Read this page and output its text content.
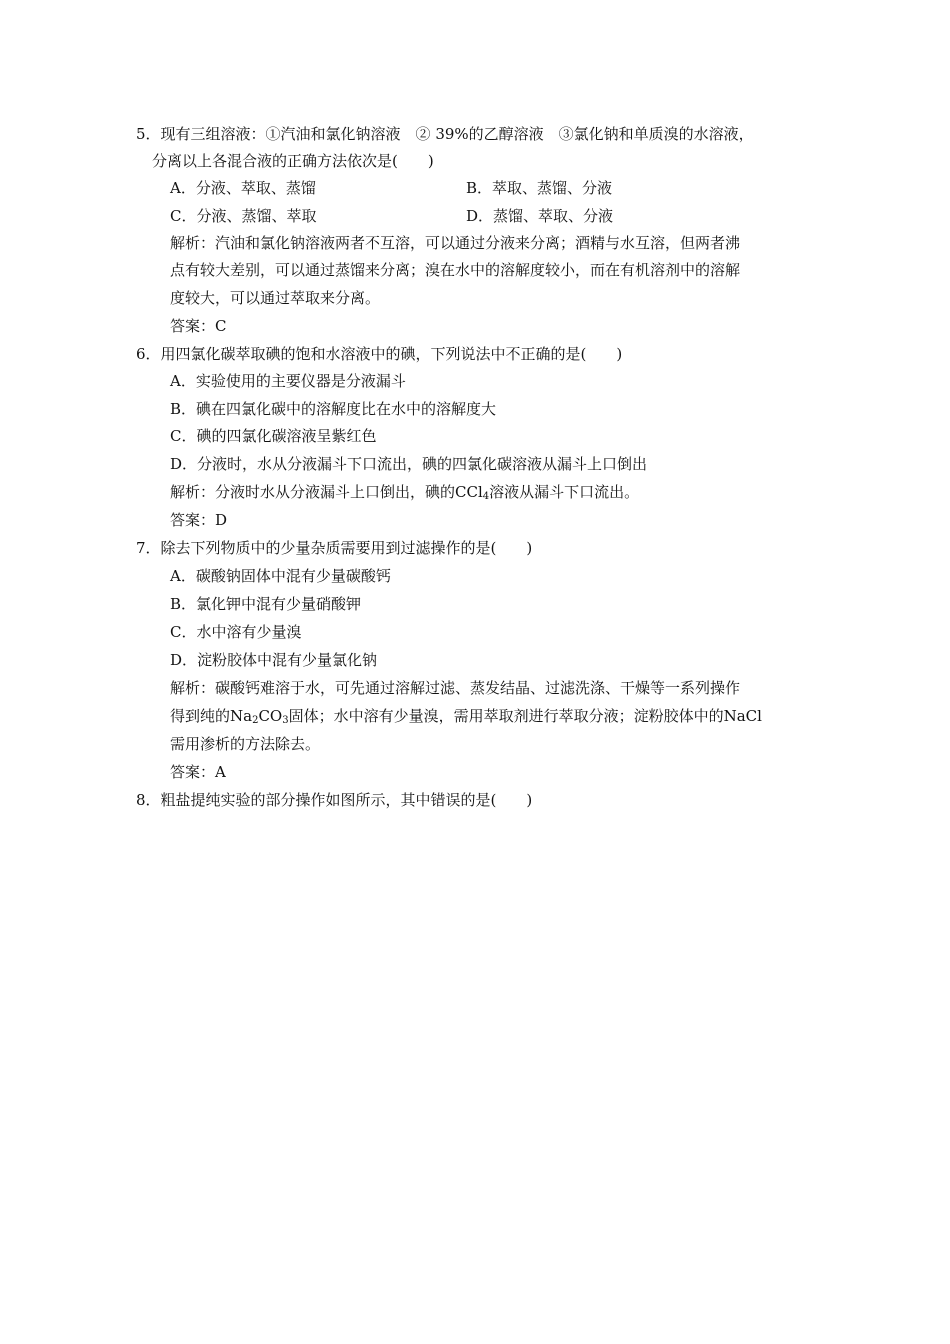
5．现有三组溶液：①汽油和氯化钠溶液　② 39%的乙醇溶液　③氯化钠和单质溴的水溶液，
分离以上各混合液的正确方法依次是(　　)
A．分液、萃取、蒸馏	B．萃取、蒸馏、分液
C．分液、蒸馏、萃取	D．蒸馏、萃取、分液
解析：汽油和氯化钠溶液两者不互溶，可以通过分液来分离；酒精与水互溶，但两者沸
点有较大差别，可以通过蒸馏来分离；溴在水中的溶解度较小，而在有机溶剂中的溶解
度较大，可以通过萃取来分离。
答案：C
6．用四氯化碳萃取碘的饱和水溶液中的碘，下列说法中不正确的是(　　)
A．实验使用的主要仪器是分液漏斗
B．碘在四氯化碳中的溶解度比在水中的溶解度大
C．碘的四氯化碳溶液呈紫红色
D．分液时，水从分液漏斗下口流出，碘的四氯化碳溶液从漏斗上口倒出
解析：分液时水从分液漏斗上口倒出，碘的CCl$_4$溶液从漏斗下口流出。
答案：D
7．除去下列物质中的少量杂质需要用到过滤操作的是(　　)
A．碳酸钠固体中混有少量碳酸钙
B．氯化钾中混有少量硝酸钾
C．水中溶有少量溴
D．淀粉胶体中混有少量氯化钠
解析：碳酸钙难溶于水，可先通过溶解过滤、蒸发结晶、过滤洗涤、干燥等一系列操作
得到纯的$Na_2CO_3$固体；水中溶有少量溴，需用萃取剂进行萃取分液；淀粉胶体中的NaCl
需用渗析的方法除去。
答案：A
8．粗盐提纯实验的部分操作如图所示，其中错误的是(　　)
